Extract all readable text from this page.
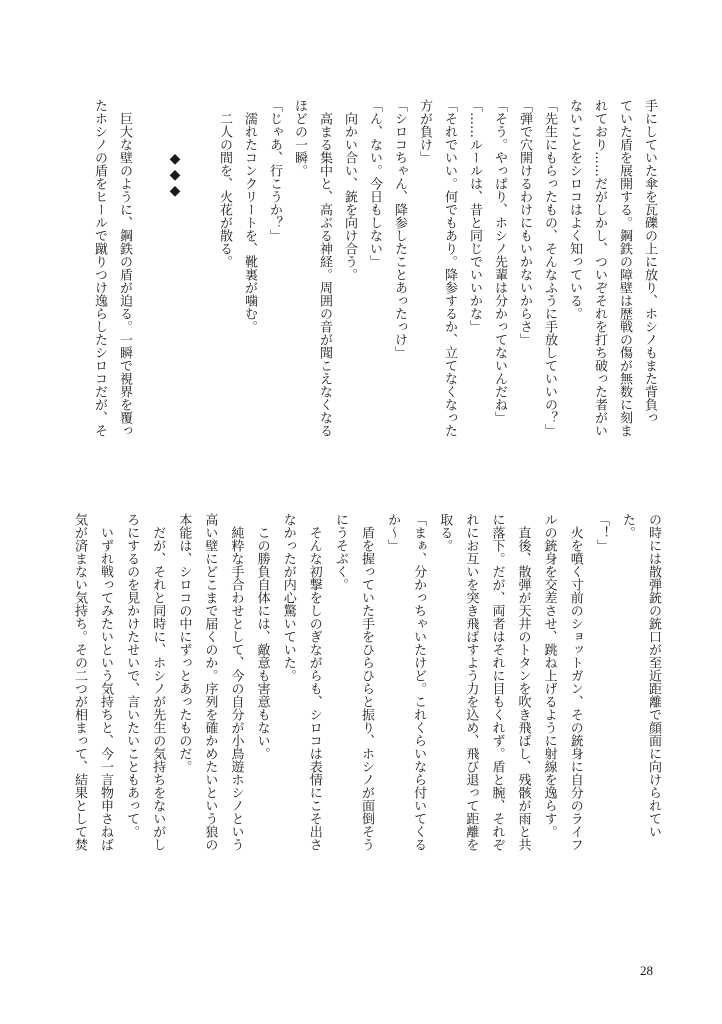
手にしていた傘を瓦礫の上に放り、ホシノもまた背負っ
ていた盾を展開する。鋼鉄の障壁は歴戦の傷が無数に刻ま
れており……だがしかし、ついぞそれを打ち破った者がい
ないことをシロコはよく知っている。
「先生にもらったもの、そんなふうに手放していいの？」
「弾で穴開けるわけにもいかないからさ」
「そう。やっぱり、ホシノ先輩は分かってないんだね」
「……ルールは、昔と同じでいいかな」
「それでいい。何でもあり。降参するか、立てなくなった
方が負け」
「シロコちゃん、降参したことあったっけ」
「ん、ない。今日もしない」
　向かい合い、銃を向け合う。
　高まる集中と、高ぶる神経。周囲の音が聞こえなくなる
ほどの一瞬。
「じゃあ、行こうか？」
　濡れたコンクリートを、靴裏が噛む。
　二人の間を、火花が散る。

◆◆◆

　巨大な壁のように、鋼鉄の盾が迫る。一瞬で視界を覆っ
たホシノの盾をヒールで蹴りつけ逸らしたシロコだが、そ
の時には散弾銃の銃口が至近距離で顔面に向けられてい
た。
「！」
　火を噴く寸前のショットガン、その銃身に自分のライフ
ルの銃身を交差させ、跳ね上げるように射線を逸らす。
　直後、散弾が天井のトタンを吹き飛ばし、残骸が雨と共
に落下。だが、両者はそれに目もくれず。盾と腕、それぞ
れにお互いを突き飛ばすよう力を込め、飛び退って距離を
取る。
「まぁ、分かっちゃいたけど。これくらいなら付いてくる
か～」
　盾を握っていた手をひらひらと振り、ホシノが面倒そう
にうそぶく。
　そんな初撃をしのぎながらも、シロコは表情にこそ出さ
なかったが内心驚いていた。
　この勝負自体には、敵意も害意もない。
　純粋な手合わせとして、今の自分が小鳥遊ホシノという
高い壁にどこまで届くのか。序列を確かめたいという狼の
本能は、シロコの中にずっとあったものだ。
　だが、それと同時に、ホシノが先生の気持ちをないがし
ろにするのを見かけたせいで、言いたいこともあって。
　いずれ戦ってみたいという気持ちと、今一言物申さねば
気が済まない気持ち。その二つが相まって、結果として焚
28
